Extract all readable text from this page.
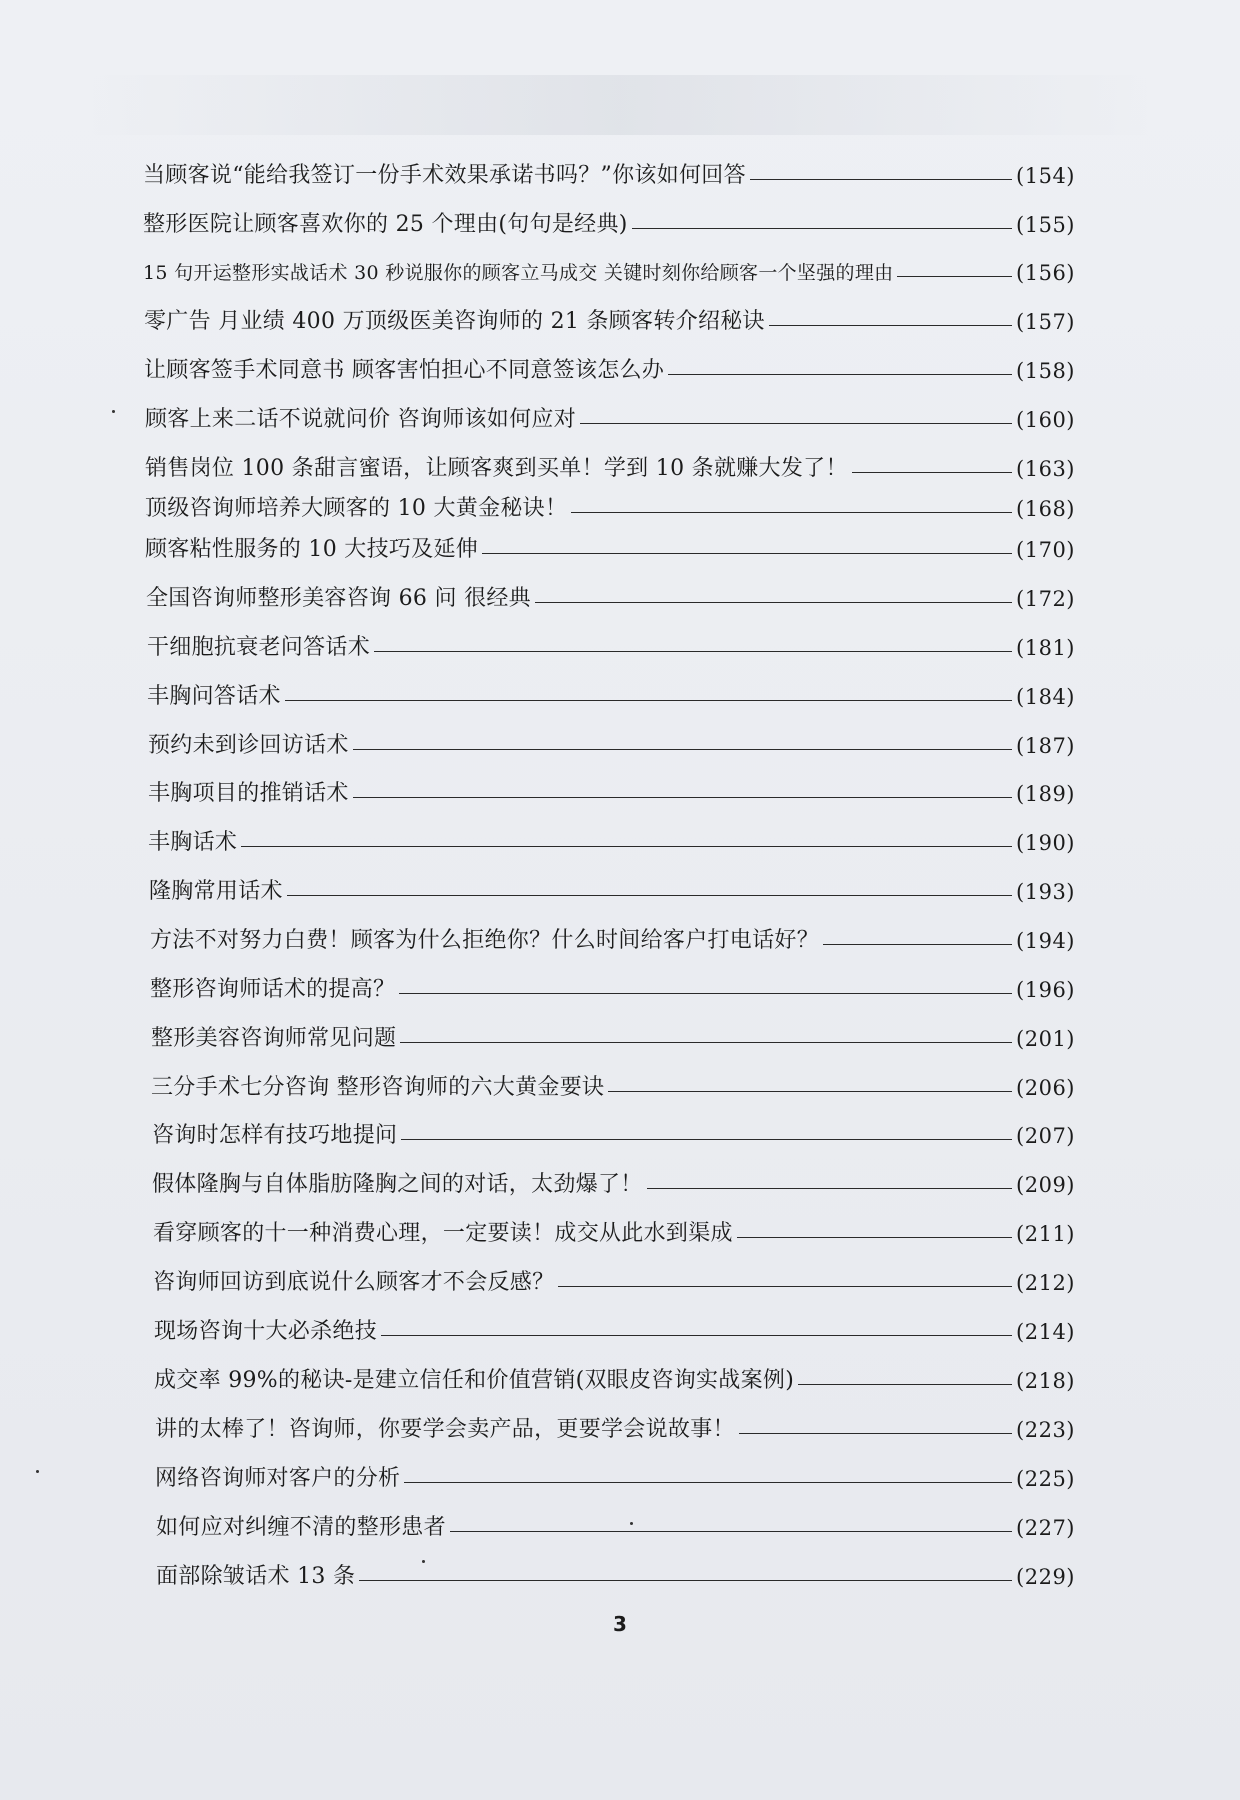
当顾客说“能给我签订一份手术效果承诺书吗？”你该如何回答	(154)
整形医院让顾客喜欢你的 25 个理由(句句是经典)	(155)
15 句开运整形实战话术 30 秒说服你的顾客立马成交 关键时刻你给顾客一个坚强的理由	(156)
零广告 月业绩 400 万顶级医美咨询师的 21 条顾客转介绍秘诀	(157)
让顾客签手术同意书 顾客害怕担心不同意签该怎么办	(158)
顾客上来二话不说就问价 咨询师该如何应对	(160)
销售岗位 100 条甜言蜜语，让顾客爽到买单！学到 10 条就赚大发了！	(163)
顶级咨询师培养大顾客的 10 大黄金秘诀！	(168)
顾客粘性服务的 10 大技巧及延伸	(170)
全国咨询师整形美容咨询 66 问 很经典	(172)
干细胞抗衰老问答话术	(181)
丰胸问答话术	(184)
预约未到诊回访话术	(187)
丰胸项目的推销话术	(189)
丰胸话术	(190)
隆胸常用话术	(193)
方法不对努力白费！顾客为什么拒绝你？什么时间给客户打电话好？	(194)
整形咨询师话术的提高？	(196)
整形美容咨询师常见问题	(201)
三分手术七分咨询 整形咨询师的六大黄金要诀	(206)
咨询时怎样有技巧地提问	(207)
假体隆胸与自体脂肪隆胸之间的对话，太劲爆了！	(209)
看穿顾客的十一种消费心理，一定要读！成交从此水到渠成	(211)
咨询师回访到底说什么顾客才不会反感？	(212)
现场咨询十大必杀绝技	(214)
成交率 99%的秘诀-是建立信任和价值营销(双眼皮咨询实战案例)	(218)
讲的太棒了！咨询师，你要学会卖产品，更要学会说故事！	(223)
网络咨询师对客户的分析	(225)
如何应对纠缠不清的整形患者	(227)
面部除皱话术 13 条	(229)
3
